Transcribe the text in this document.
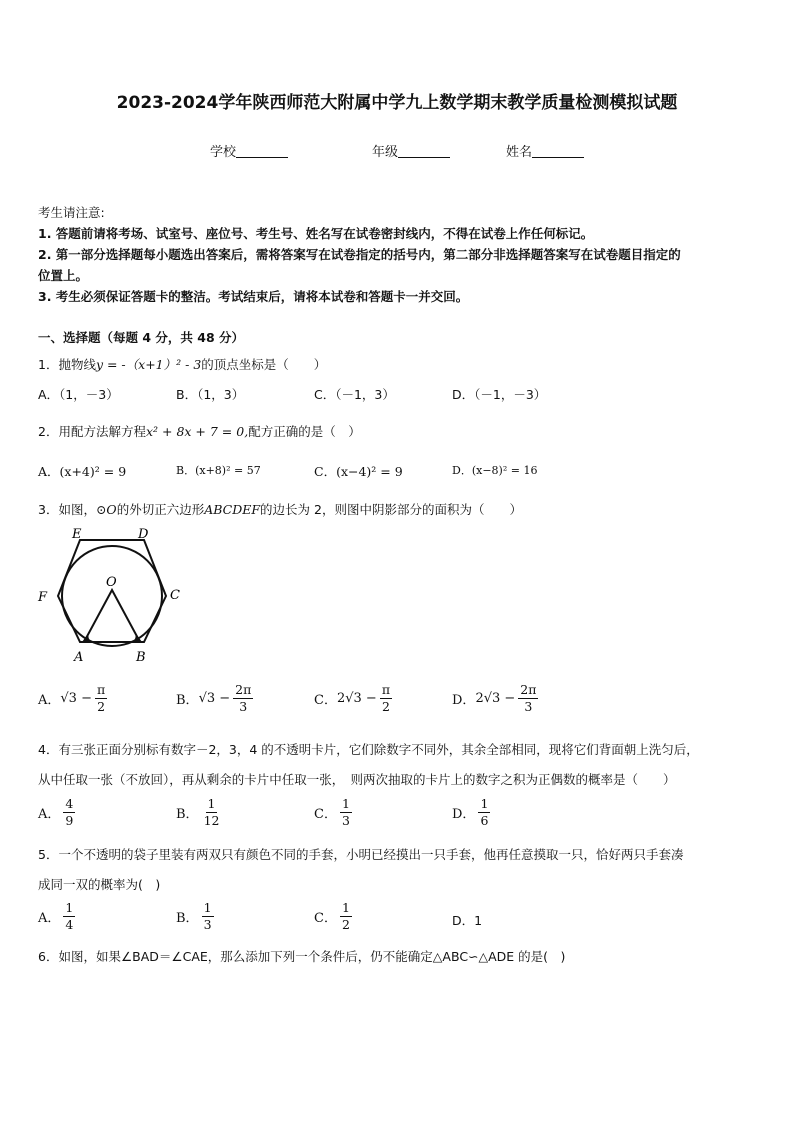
2023-2024学年陕西师范大附属中学九上数学期末教学质量检测模拟试题
学校	年级	姓名
考生请注意:
1. 答题前请将考场、试室号、座位号、考生号、姓名写在试卷密封线内，不得在试卷上作任何标记。
2. 第一部分选择题每小题选出答案后，需将答案写在试卷指定的括号内，第二部分非选择题答案写在试卷题目指定的
位置上。
3. 考生必须保证答题卡的整洁。考试结束后，请将本试卷和答题卡一并交回。
一、选择题（每题 4 分，共 48 分）
1．抛物线y = -（x+1）² - 3的顶点坐标是（　　）
A．（1，－3）	B．（1，3）	C．（－1，3）	D．（－1，－3）
2．用配方法解方程x² + 8x + 7 = 0,配方正确的是（　）
A．(x+4)² = 9	B．(x+8)² = 57	C．(x−4)² = 9	D．(x−8)² = 16
3．如图，⊙O的外切正六边形ABCDEF的边长为 2，则图中阴影部分的面积为（　　）
E	D
F	C
O
A	B
A． $√3 - \frac{\pi}{2}$	B． $√3 - \frac{2\pi}{3}$	C． $2√3 - \frac{\pi}{2}$	D． $2√3 - \frac{2\pi}{3}$
4．有三张正面分别标有数字－2，3，4 的不透明卡片，它们除数字不同外，其余全部相同，现将它们背面朝上洗匀后，
从中任取一张（不放回），再从剩余的卡片中任取一张，　则两次抽取的卡片上的数字之积为正偶数的概率是（　　）
A． $\frac{4}{9}$	B． $\frac{1}{12}$	C． $\frac{1}{3}$	D． $\frac{1}{6}$
5．一个不透明的袋子里装有两双只有颜色不同的手套，小明已经摸出一只手套，他再任意摸取一只，恰好两只手套凑
成同一双的概率为(　)
A． $\frac{1}{4}$	B． $\frac{1}{3}$	C． $\frac{1}{2}$	D．1
6．如图，如果∠BAD＝∠CAE，那么添加下列一个条件后，仍不能确定△ABC∽△ADE 的是(　)
